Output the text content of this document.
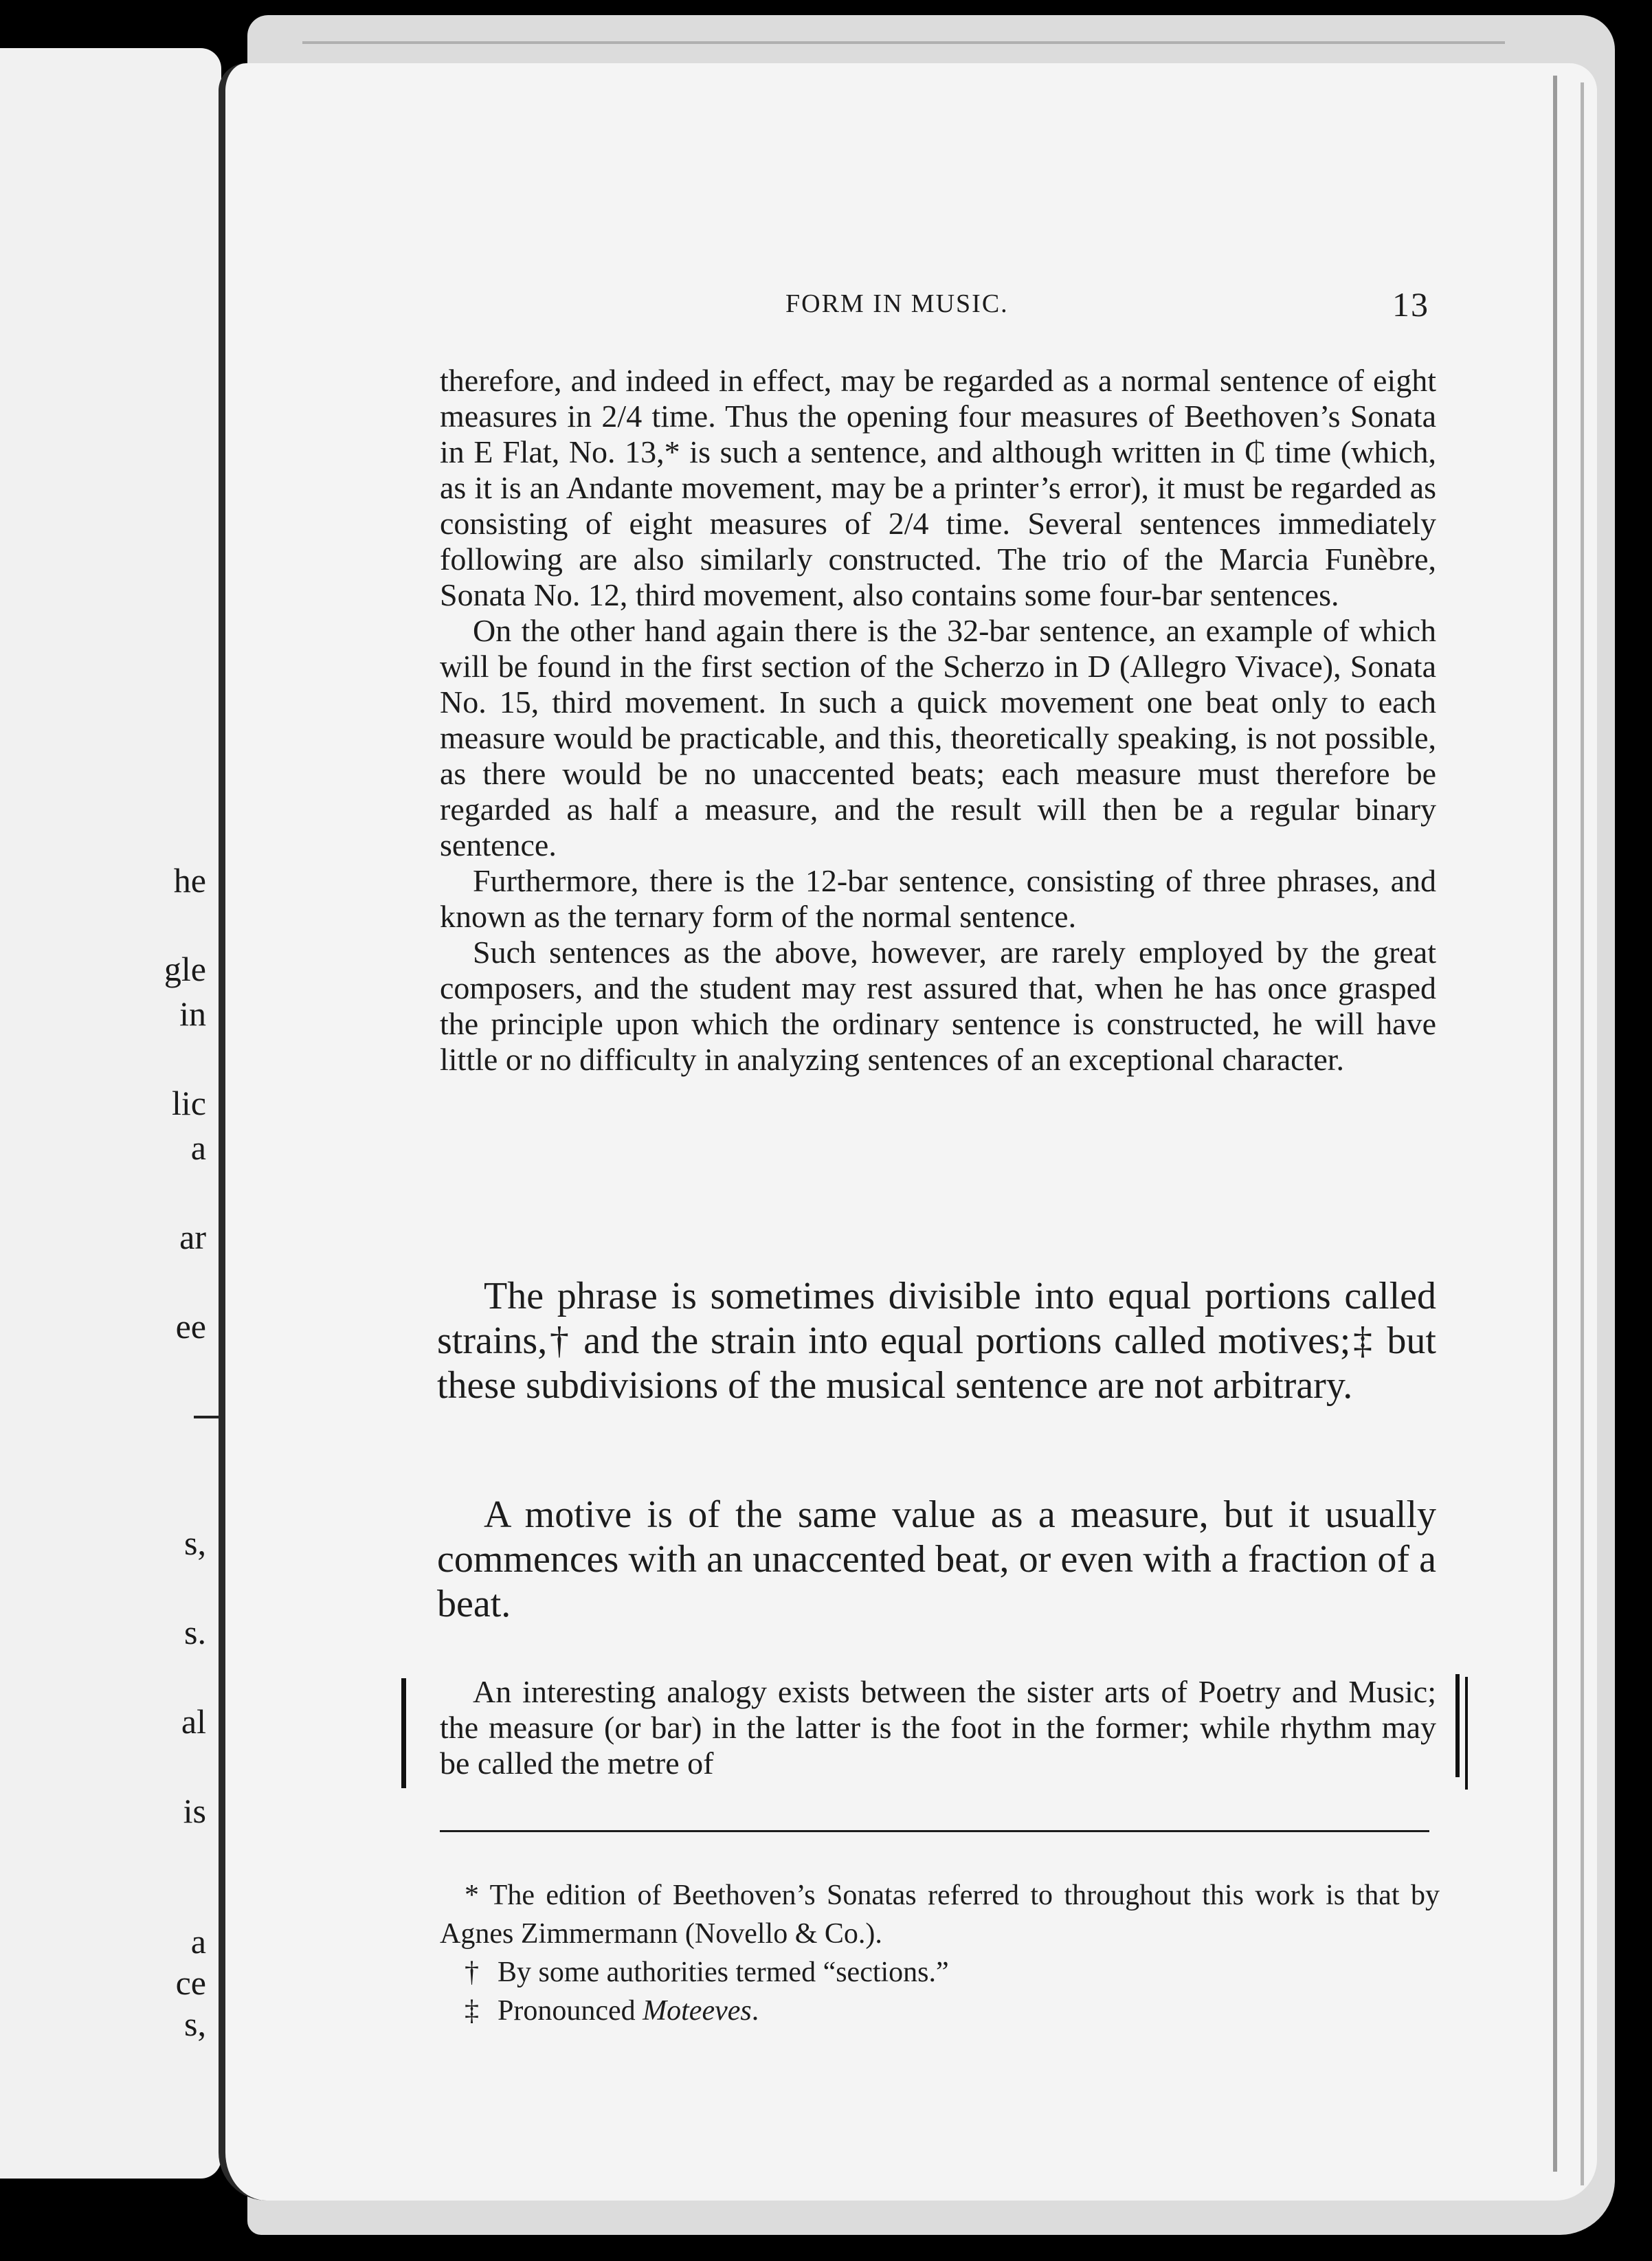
he
gle
in
lic
a
ar
ee
s,
s.
al
is
a
ce
s,
FORM IN MUSIC.	13

therefore, and indeed in effect, may be regarded as a normal sentence of eight measures in 2/4 time. Thus the opening four measures of Beethoven’s Sonata in E Flat, No. 13,* is such a sentence, and although written in ₵ time (which, as it is an Andante movement, may be a printer’s error), it must be regarded as consisting of eight measures of 2/4 time. Several sentences immediately following are also similarly constructed. The trio of the Marcia Funèbre, Sonata No. 12, third movement, also contains some four-bar sentences.

On the other hand again there is the 32-bar sentence, an example of which will be found in the first section of the Scherzo in D (Allegro Vivace), Sonata No. 15, third movement. In such a quick movement one beat only to each measure would be practicable, and this, theoretically speaking, is not possible, as there would be no unaccented beats; each measure must therefore be regarded as half a measure, and the result will then be a regular binary sentence.

Furthermore, there is the 12-bar sentence, consisting of three phrases, and known as the ternary form of the normal sentence.

Such sentences as the above, however, are rarely employed by the great composers, and the student may rest assured that, when he has once grasped the principle upon which the ordinary sentence is constructed, he will have little or no difficulty in analyzing sentences of an exceptional character.

The phrase is sometimes divisible into equal portions called strains,† and the strain into equal portions called motives;‡ but these subdivisions of the musical sentence are not arbitrary.

A motive is of the same value as a measure, but it usually commences with an unaccented beat, or even with a fraction of a beat.

An interesting analogy exists between the sister arts of Poetry and Music; the measure (or bar) in the latter is the foot in the former; while rhythm may be called the metre of

* The edition of Beethoven’s Sonatas referred to throughout this work is that by Agnes Zimmermann (Novello & Co.).

† By some authorities termed “sections.”

‡ Pronounced Moteeves.
